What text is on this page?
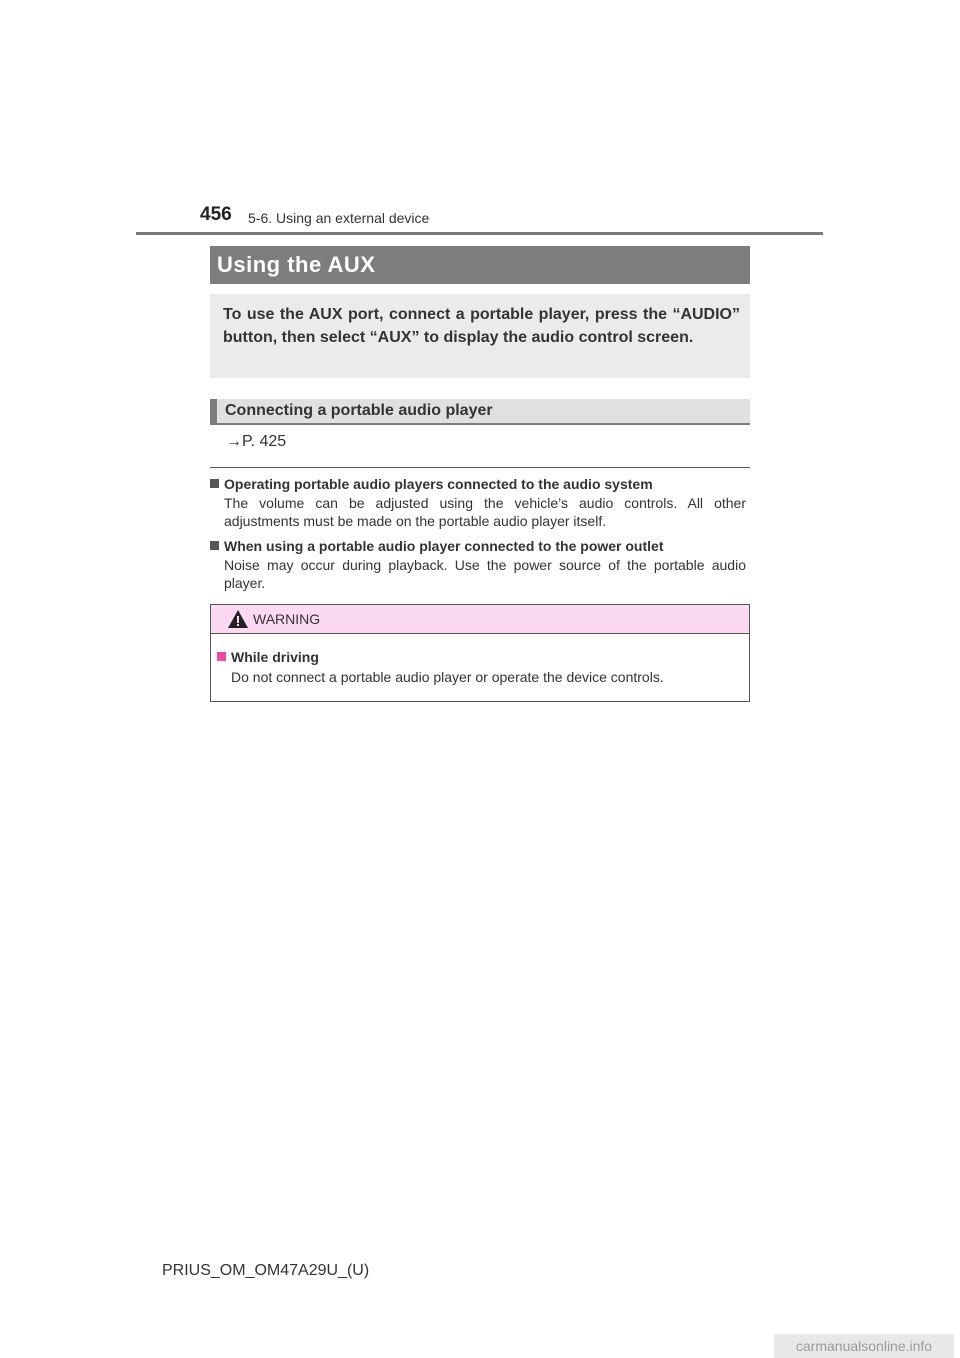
456 5-6. Using an external device
Using the AUX
To use the AUX port, connect a portable player, press the “AUDIO” button, then select “AUX” to display the audio control screen.
Connecting a portable audio player
→P. 425
Operating portable audio players connected to the audio system
The volume can be adjusted using the vehicle’s audio controls. All other adjustments must be made on the portable audio player itself.
When using a portable audio player connected to the power outlet
Noise may occur during playback. Use the power source of the portable audio player.
WARNING
While driving
Do not connect a portable audio player or operate the device controls.
PRIUS_OM_OM47A29U_(U)
carmanualsonline.info
